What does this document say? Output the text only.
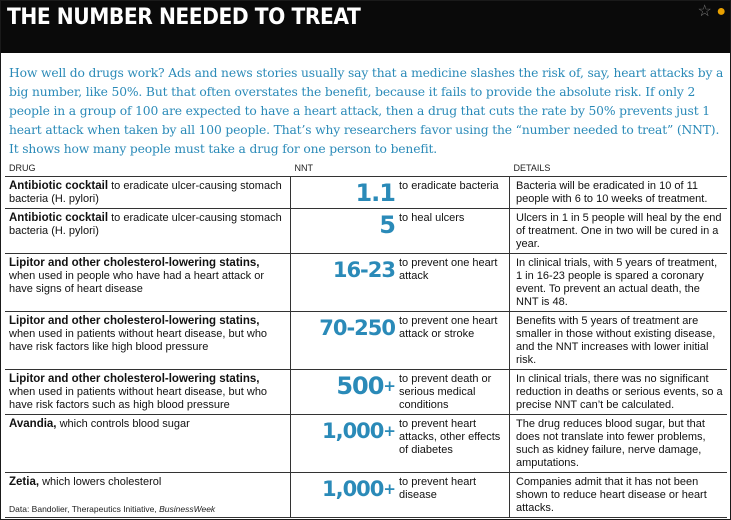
THE NUMBER NEEDED TO TREAT	☆ ●

How well do drugs work? Ads and news stories usually say that a medicine slashes the risk of, say, heart attacks by a big number, like 50%. But that often overstates the benefit, because it fails to provide the absolute risk. If only 2 people in a group of 100 are expected to have a heart attack, then a drug that cuts the rate by 50% prevents just 1 heart attack when taken by all 100 people. That’s why researchers favor using the “number needed to treat” (NNT). It shows how many people must take a drug for one person to benefit.

DRUG	NNT	DETAILS
Antibiotic cocktail to eradicate ulcer-causing stomach bacteria (H. pylori)	1.1 to eradicate bacteria	Bacteria will be eradicated in 10 of 11 people with 6 to 10 weeks of treatment.
Antibiotic cocktail to eradicate ulcer-causing stomach bacteria (H. pylori)	5 to heal ulcers	Ulcers in 1 in 5 people will heal by the end of treatment. One in two will be cured in a year.
Lipitor and other cholesterol-lowering statins, when used in people who have had a heart attack or have signs of heart disease	16-23 to prevent one heart attack	In clinical trials, with 5 years of treatment, 1 in 16-23 people is spared a coronary event. To prevent an actual death, the NNT is 48.
Lipitor and other cholesterol-lowering statins, when used in patients without heart disease, but who have risk factors like high blood pressure	70-250 to prevent one heart attack or stroke	Benefits with 5 years of treatment are smaller in those without existing disease, and the NNT increases with lower initial risk.
Lipitor and other cholesterol-lowering statins, when used in patients without heart disease, but who have risk factors such as high blood pressure	500+ to prevent death or serious medical conditions	In clinical trials, there was no significant reduction in deaths or serious events, so a precise NNT can’t be calculated.
Avandia, which controls blood sugar	1,000+ to prevent heart attacks, other effects of diabetes	The drug reduces blood sugar, but that does not translate into fewer problems, such as kidney failure, nerve damage, amputations.
Zetia, which lowers cholesterol	1,000+ to prevent heart disease	Companies admit that it has not been shown to reduce heart disease or heart attacks.
Data: Bandolier, Therapeutics Initiative, BusinessWeek
